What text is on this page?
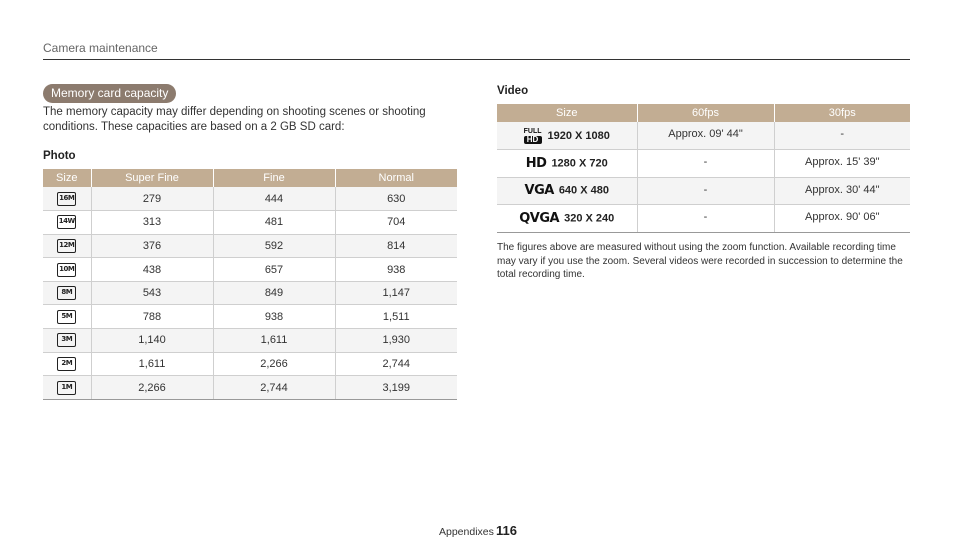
Camera maintenance
Memory card capacity
The memory capacity may differ depending on shooting scenes or shooting conditions. These capacities are based on a 2 GB SD card:
Photo
Size	Super Fine	Fine	Normal
16M	279	444	630
14W	313	481	704
12M	376	592	814
10M	438	657	938
8M	543	849	1,147
5M	788	938	1,511
3M	1,140	1,611	1,930
2M	1,611	2,266	2,744
1M	2,266	2,744	3,199
Video
Size	60fps	30fps

FULL
HD 1920 X 1080	Approx. 09' 44"	-
HD 1280 X 720	-	Approx. 15' 39"
VGA 640 X 480	-	Approx. 30' 44"
QVGA 320 X 240	-	Approx. 90' 06"
The figures above are measured without using the zoom function. Available recording time may vary if you use the zoom. Several videos were recorded in succession to determine the total recording time.
Appendixes 116
